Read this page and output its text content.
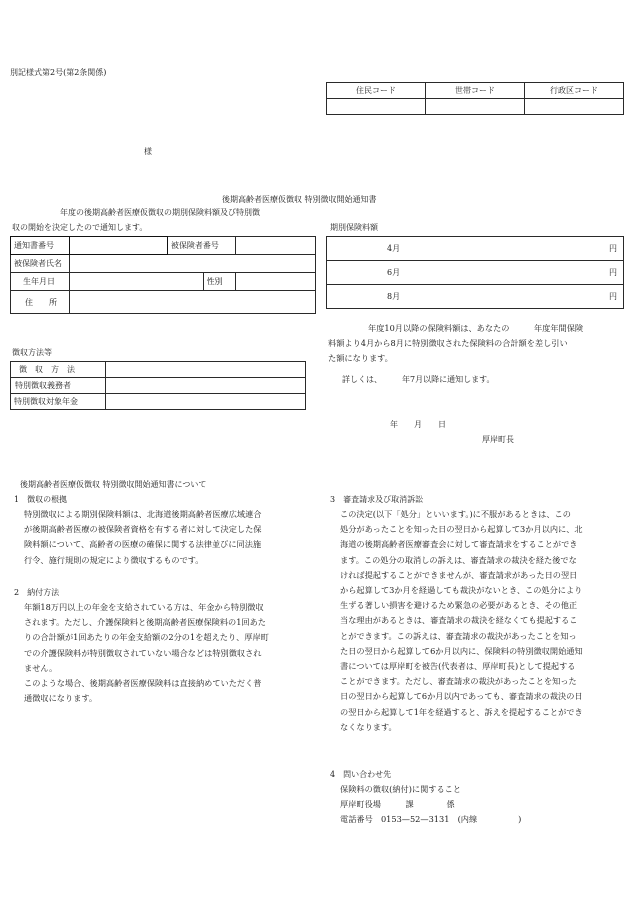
別記様式第2号(第2条関係)
住民コード	世帯コード	行政区コード

様
後期高齢者医療仮徴収 特別徴収開始通知書
年度の後期高齢者医療仮徴収の期別保険料額及び特別徴
収の開始を決定したので通知します。
通知書番号		被保険者番号	
被保険者氏名			
生年月日	性別		

住　　所			
期別保険料額
4月	円

6月	円

8月	円

年度10月以降の保険料額は、あなたの　　　年度年間保険

料額より4月から8月に特別徴収された保険料の合計額を差し引い

た額になります。

詳しくは、　　　年7月以降に通知します。
年　　月　　日
厚岸町長
徴収方法等
徴　収　方　法	
特別徴収義務者	
特別徴収対象年金	
後期高齢者医療仮徴収 特別徴収開始通知書について
1　徴収の根拠

特別徴収による期別保険料額は、北海道後期高齢者医療広域連合

が後期高齢者医療の被保険者資格を有する者に対して決定した保

険料額について、高齢者の医療の確保に関する法律並びに同法施

行令、施行規則の規定により徴収するものです。

2　納付方法

年額18万円以上の年金を支給されている方は、年金から特別徴収

されます。ただし、介護保険料と後期高齢者医療保険料の1回あた

りの合計額が1回あたりの年金支給額の2分の1を超えたり、厚岸町

での介護保険料が特別徴収されていない場合などは特別徴収され

ません。

このような場合、後期高齢者医療保険料は直接納めていただく普

通徴収になります。

3　審査請求及び取消訴訟

この決定(以下「処分」といいます。)に不服があるときは、この

処分があったことを知った日の翌日から起算して3か月以内に、北

海道の後期高齢者医療審査会に対して審査請求をすることができ

ます。この処分の取消しの訴えは、審査請求の裁決を経た後でな

ければ提起することができませんが、審査請求があった日の翌日

から起算して3か月を経過しても裁決がないとき、この処分により

生ずる著しい損害を避けるため緊急の必要があるとき、その他正

当な理由があるときは、審査請求の裁決を経なくても提起するこ

とができます。この訴えは、審査請求の裁決があったことを知っ

た日の翌日から起算して6か月以内に、保険料の特別徴収開始通知

書については厚岸町を被告(代表者は、厚岸町長)として提起する

ことができます。ただし、審査請求の裁決があったことを知った

日の翌日から起算して6か月以内であっても、審査請求の裁決の日

の翌日から起算して1年を経過すると、訴えを提起することができ

なくなります。

4　問い合わせ先

保険料の徴収(納付)に関すること

厚岸町役場　　　課　　　　係

電話番号　0153—52—3131　(内線　　　　　)
